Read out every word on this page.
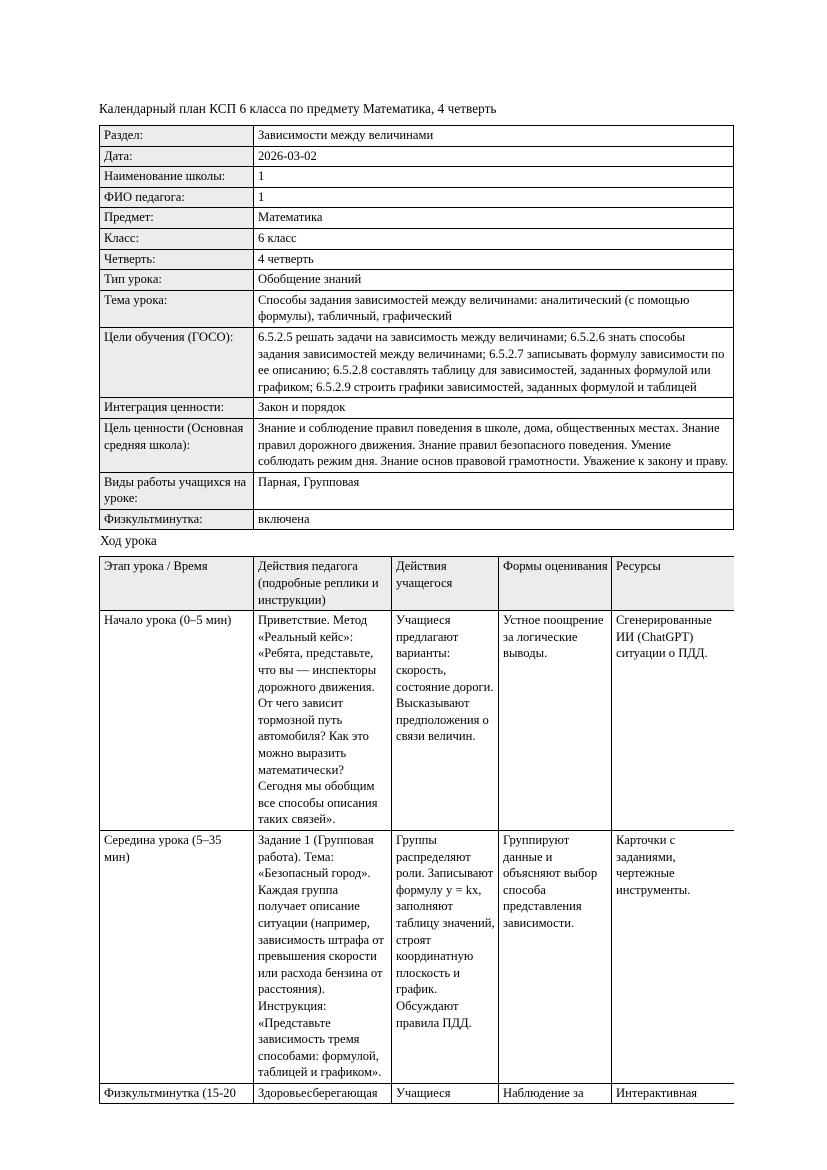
Календарный план КСП 6 класса по предмету Математика, 4 четверть

Раздел:	Зависимости между величинами
Дата:	2026-03-02
Наименование школы:	1
ФИО педагога:	1
Предмет:	Математика
Класс:	6 класс
Четверть:	4 четверть
Тип урока:	Обобщение знаний
Тема урока:	Способы задания зависимостей между величинами: аналитический (с помощью формулы), табличный, графический
Цели обучения (ГОСО):	6.5.2.5 решать задачи на зависимость между величинами; 6.5.2.6 знать способы задания зависимостей между величинами; 6.5.2.7 записывать формулу зависимости по ее описанию; 6.5.2.8 составлять таблицу для зависимостей, заданных формулой или графиком; 6.5.2.9 строить графики зависимостей, заданных формулой и таблицей
Интеграция ценности:	Закон и порядок
Цель ценности (Основная средняя школа):	Знание и соблюдение правил поведения в школе, дома, общественных местах. Знание правил дорожного движения. Знание правил безопасного поведения. Умение соблюдать режим дня. Знание основ правовой грамотности. Уважение к закону и праву.
Виды работы учащихся на уроке:	Парная, Групповая
Физкультминутка:	включена

Ход урока

Этап урока / Время	Действия педагога (подробные реплики и инструкции)	Действия учащегося	Формы оценивания	Ресурсы
Начало урока (0–5 мин)	Приветствие. Метод «Реальный кейс»: «Ребята, представьте, что вы — инспекторы дорожного движения. От чего зависит тормозной путь автомобиля? Как это можно выразить математически? Сегодня мы обобщим все способы описания таких связей».	Учащиеся предлагают варианты: скорость, состояние дороги. Высказывают предположения о связи величин.	Устное поощрение за логические выводы.	Сгенерированные ИИ (ChatGPT) ситуации о ПДД.
Середина урока (5–35 мин)	Задание 1 (Групповая работа). Тема: «Безопасный город». Каждая группа получает описание ситуации (например, зависимость штрафа от превышения скорости или расхода бензина от расстояния). Инструкция: «Представьте зависимость тремя способами: формулой, таблицей и графиком».	Группы распределяют роли. Записывают формулу y = kx, заполняют таблицу значений, строят координатную плоскость и график. Обсуждают правила ПДД.	Группируют данные и объясняют выбор способа представления зависимости.	Карточки с заданиями, чертежные инструменты.
Физкультминутка (15-20	Здоровьесберегающая	Учащиеся	Наблюдение за	Интерактивная
